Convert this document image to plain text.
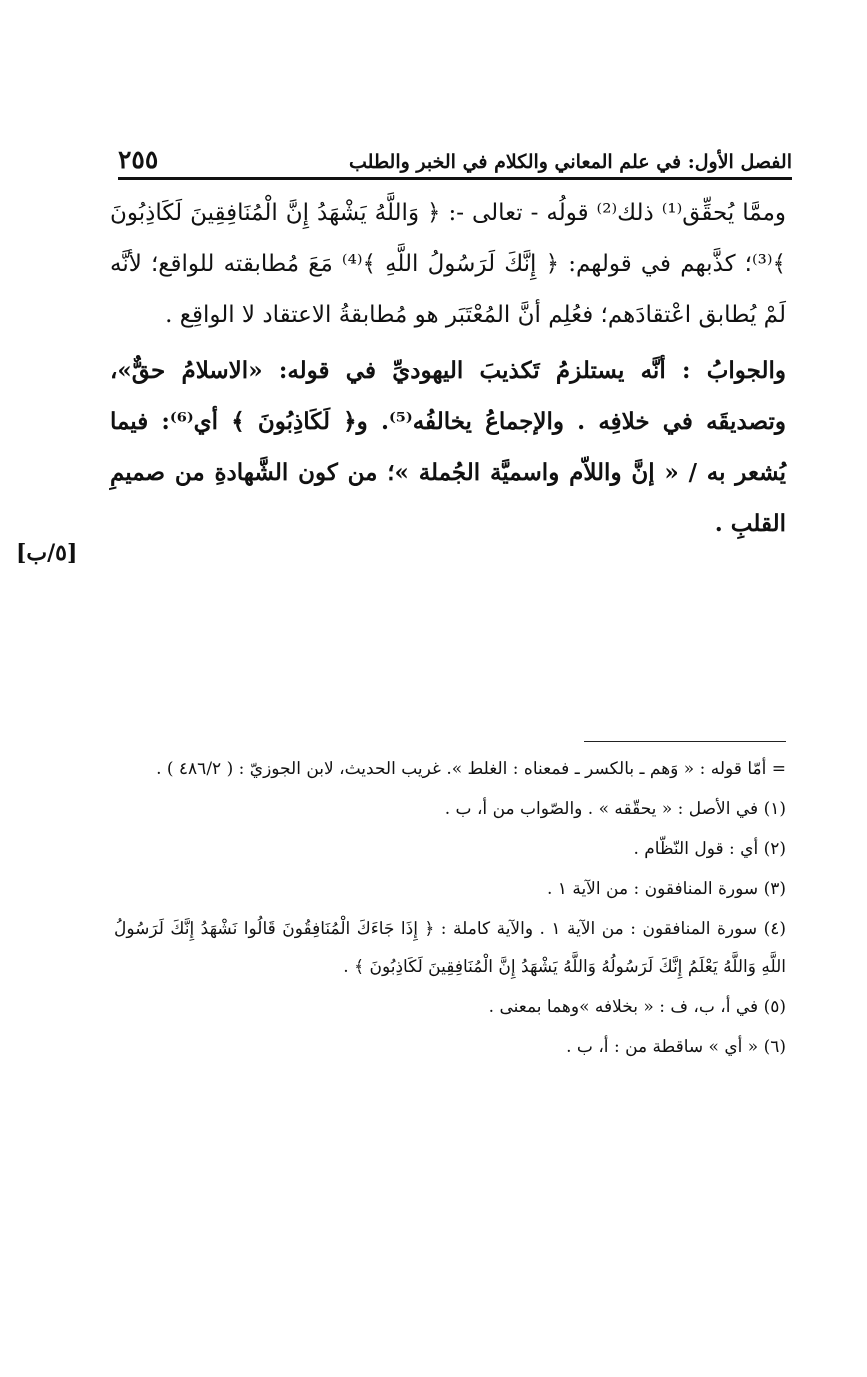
الفصل الأول: في علم المعاني والكلام في الخبر والطلب
٢٥٥

وممَّا يُحقِّق⁽¹⁾ ذلك⁽²⁾ قولُه - تعالى -: ﴿ وَاللَّهُ يَشْهَدُ إِنَّ الْمُنَافِقِينَ لَكَاذِبُونَ ﴾⁽³⁾؛ كذَّبهم في قولهم: ﴿ إِنَّكَ لَرَسُولُ اللَّهِ ﴾⁽⁴⁾ مَعَ مُطابقته للواقع؛ لأنَّه لَمْ يُطابق اعْتقادَهم؛ فعُلِم أنَّ المُعْتَبَر هو مُطابقةُ الاعتقاد لا الواقِع .

والجوابُ : أنَّه يستلزمُ تَكذيبَ اليهوديِّ في قوله: «الاسلامُ حقٌّ»، وتصديقَه في خلافِه . والإجماعُ يخالفُه⁽⁵⁾. و﴿ لَكَاذِبُونَ ﴾ أي⁽⁶⁾: فيما يُشعر به / « إنَّ واللاّم واسميَّة الجُملة »؛ من كون الشَّهادةِ من صميمِ القلبِ .

[٥/ب]

= أمّا قوله : « وَهم ـ بالكسر ـ فمعناه : الغلط ». غريب الحديث، لابن الجوزيّ : ( ٤٨٦/٢ ) .

(١) في الأصل : « يحقّقه » . والصّواب من أ، ب .

(٢) أي : قول النّظّام .

(٣) سورة المنافقون : من الآية ١ .

(٤) سورة المنافقون : من الآية ١ . والآية كاملة : ﴿ إِذَا جَاءَكَ الْمُنَافِقُونَ قَالُوا نَشْهَدُ إِنَّكَ لَرَسُولُ اللَّهِ وَاللَّهُ يَعْلَمُ إِنَّكَ لَرَسُولُهُ وَاللَّهُ يَشْهَدُ إِنَّ الْمُنَافِقِينَ لَكَاذِبُونَ ﴾ .

(٥) في أ، ب، ف : « بخلافه »وهما بمعنى .

(٦) « أي » ساقطة من : أ، ب .
